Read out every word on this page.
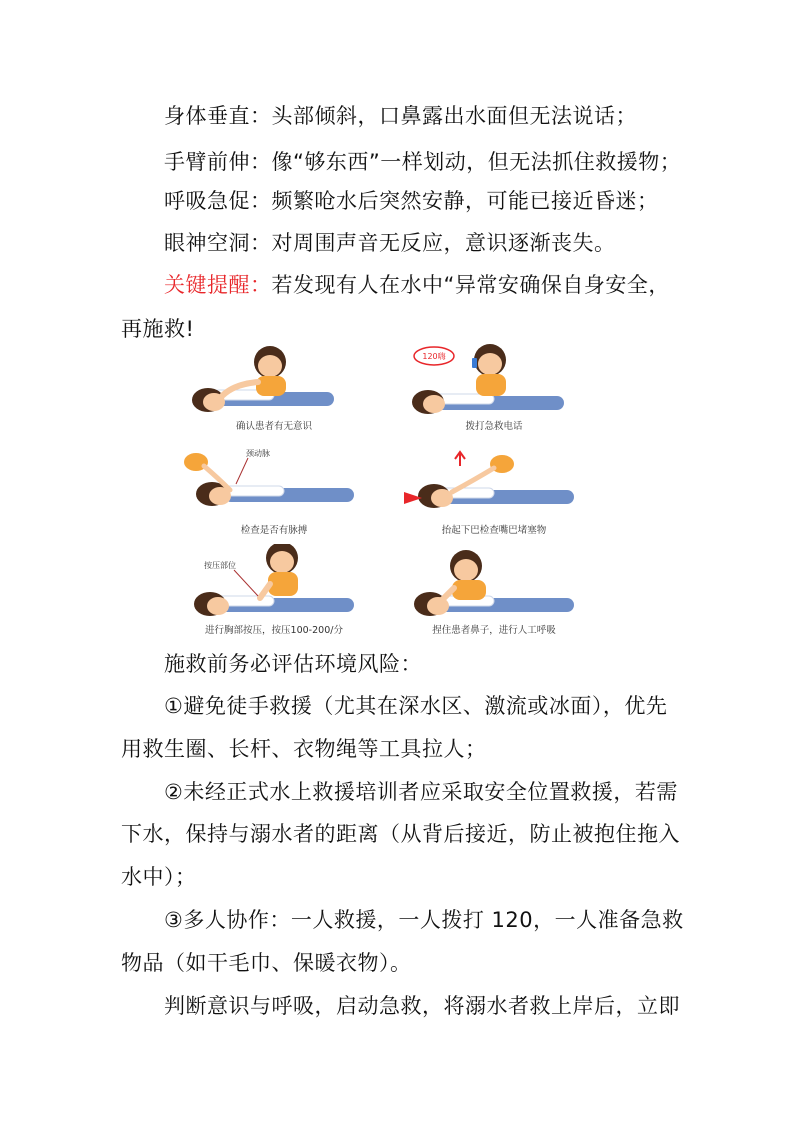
身体垂直：头部倾斜，口鼻露出水面但无法说话；
手臂前伸：像“够东西”一样划动，但无法抓住救援物；
呼吸急促：频繁呛水后突然安静，可能已接近昏迷；
眼神空洞：对周围声音无反应，意识逐渐丧失。
关键提醒：若发现有人在水中“异常安确保自身安全，
再施救!
确认患者有无意识
120嗨
拨打急救电话
颈动脉
检查是否有脉搏	抬起下巴检查嘴巴堵塞物
按压部位
进行胸部按压，按压100-200/分	捏住患者鼻子，进行人工呼吸
施救前务必评估环境风险：
①避免徒手救援（尤其在深水区、激流或冰面），优先
用救生圈、长杆、衣物绳等工具拉人；
②未经正式水上救援培训者应采取安全位置救援，若需
下水，保持与溺水者的距离（从背后接近，防止被抱住拖入
水中）；
③多人协作：一人救援，一人拨打 120，一人准备急救
物品（如干毛巾、保暖衣物）。
判断意识与呼吸，启动急救，将溺水者救上岸后，立即
